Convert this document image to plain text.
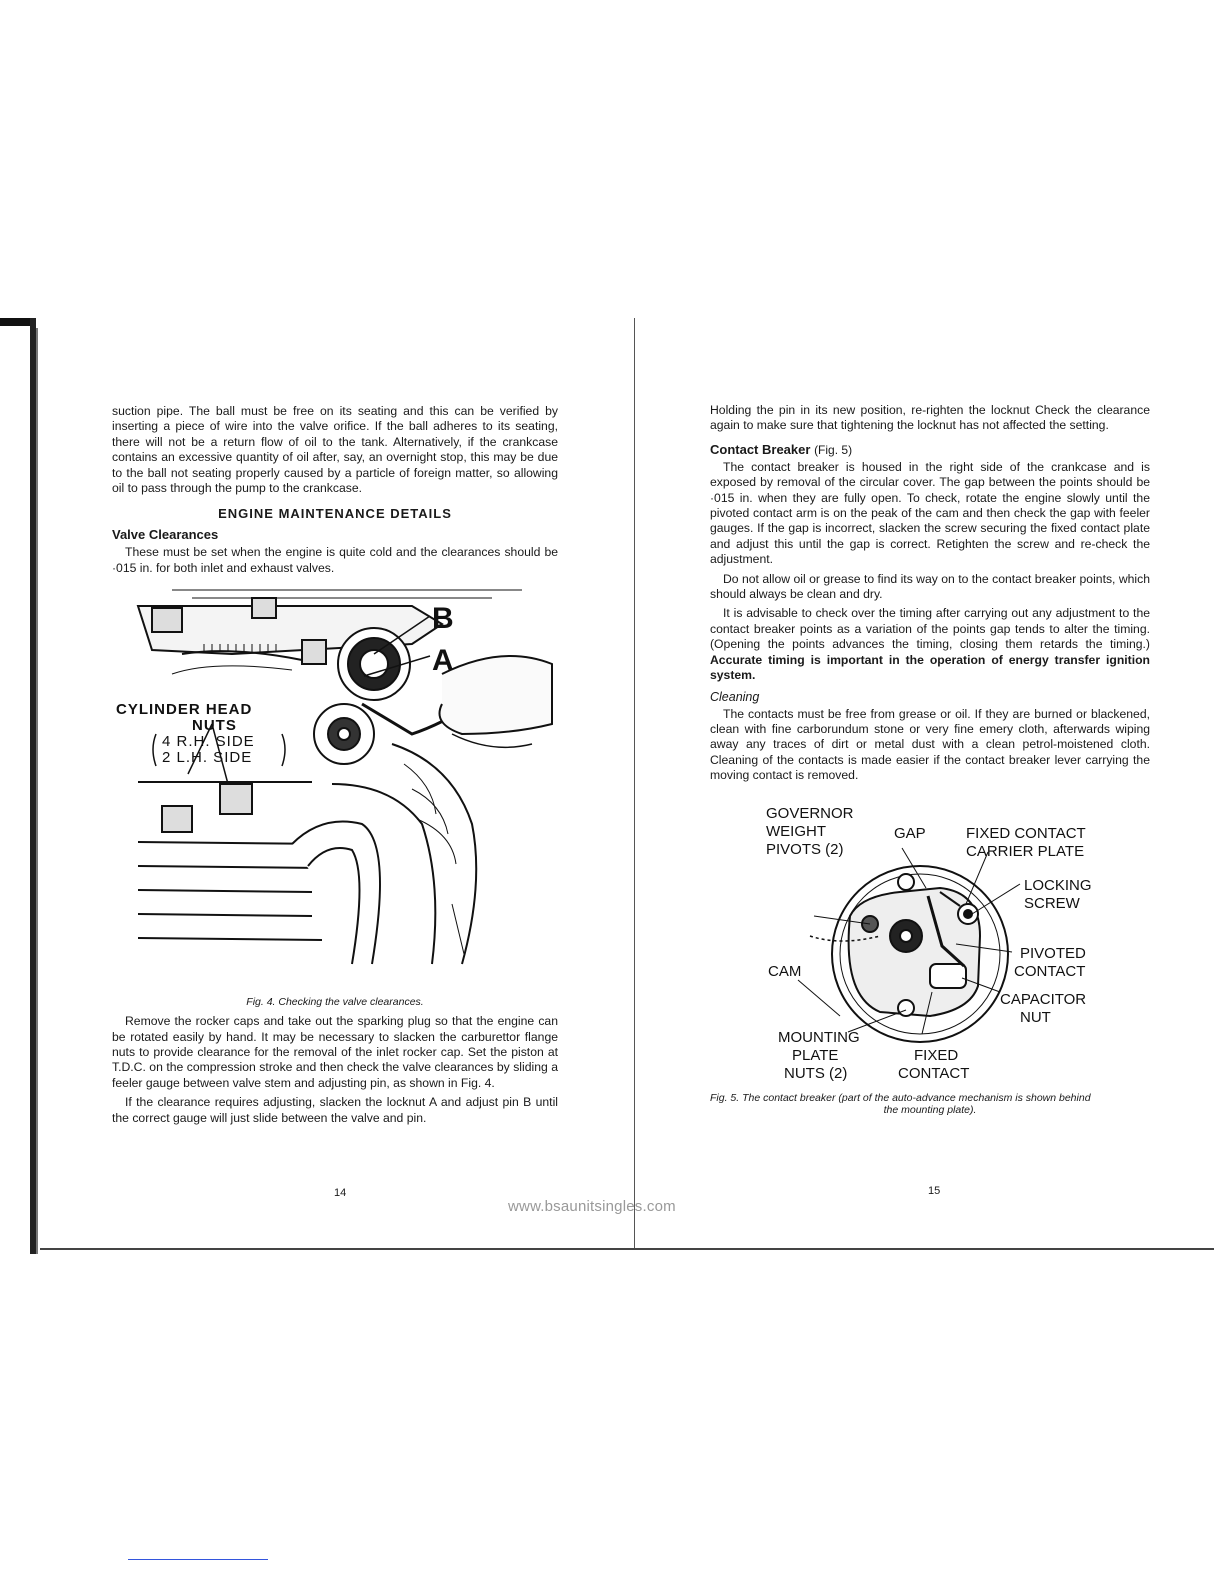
suction pipe. The ball must be free on its seating and this can be verified by inserting a piece of wire into the valve orifice. If the ball adheres to its seating, there will not be a return flow of oil to the tank. Alternatively, if the crankcase contains an excessive quantity of oil after, say, an overnight stop, this may be due to the ball not seating properly caused by a particle of foreign matter, so allowing oil to pass through the pump to the crankcase.

ENGINE MAINTENANCE DETAILS
Valve Clearances

These must be set when the engine is quite cold and the clearances should be ·015 in. for both inlet and exhaust valves.

B
A
CYLINDER HEAD
NUTS
4 R.H. SIDE
2 L.H. SIDE
Fig. 4. Checking the valve clearances.

Remove the rocker caps and take out the sparking plug so that the engine can be rotated easily by hand. It may be necessary to slacken the carburettor flange nuts to provide clearance for the removal of the inlet rocker cap. Set the piston at T.D.C. on the compression stroke and then check the valve clearances by sliding a feeler gauge between valve stem and adjusting pin, as shown in Fig. 4.

If the clearance requires adjusting, slacken the locknut A and adjust pin B until the correct gauge will just slide between the valve and pin.

14

Holding the pin in its new position, re-righten the locknut Check the clearance again to make sure that tightening the locknut has not affected the setting.

Contact Breaker (Fig. 5)

The contact breaker is housed in the right side of the crankcase and is exposed by removal of the circular cover. The gap between the points should be ·015 in. when they are fully open. To check, rotate the engine slowly until the pivoted contact arm is on the peak of the cam and then check the gap with feeler gauges. If the gap is incorrect, slacken the screw securing the fixed contact plate and adjust this until the gap is correct. Retighten the screw and re-check the adjustment.

Do not allow oil or grease to find its way on to the contact breaker points, which should always be clean and dry.

It is advisable to check over the timing after carrying out any adjustment to the contact breaker points as a variation of the points gap tends to alter the timing. (Opening the points advances the timing, closing them retards the timing.) Accurate timing is important in the operation of energy transfer ignition system.

Cleaning

The contacts must be free from grease or oil. If they are burned or blackened, clean with fine carborundum stone or very fine emery cloth, afterwards wiping away any traces of dirt or metal dust with a clean petrol-moistened cloth. Cleaning of the contacts is made easier if the contact breaker lever carrying the moving contact is removed.

GOVERNOR
WEIGHT
PIVOTS (2)
GAP	FIXED CONTACT
CARRIER PLATE
LOCKING
SCREW
PIVOTED
CONTACT
CAPACITOR
NUT
CAM
MOUNTING
PLATE
NUTS (2)
FIXED
CONTACT
Fig. 5. The contact breaker (part of the auto-advance mechanism is shown behind
the mounting plate).
15
www.bsaunitsingles.com
